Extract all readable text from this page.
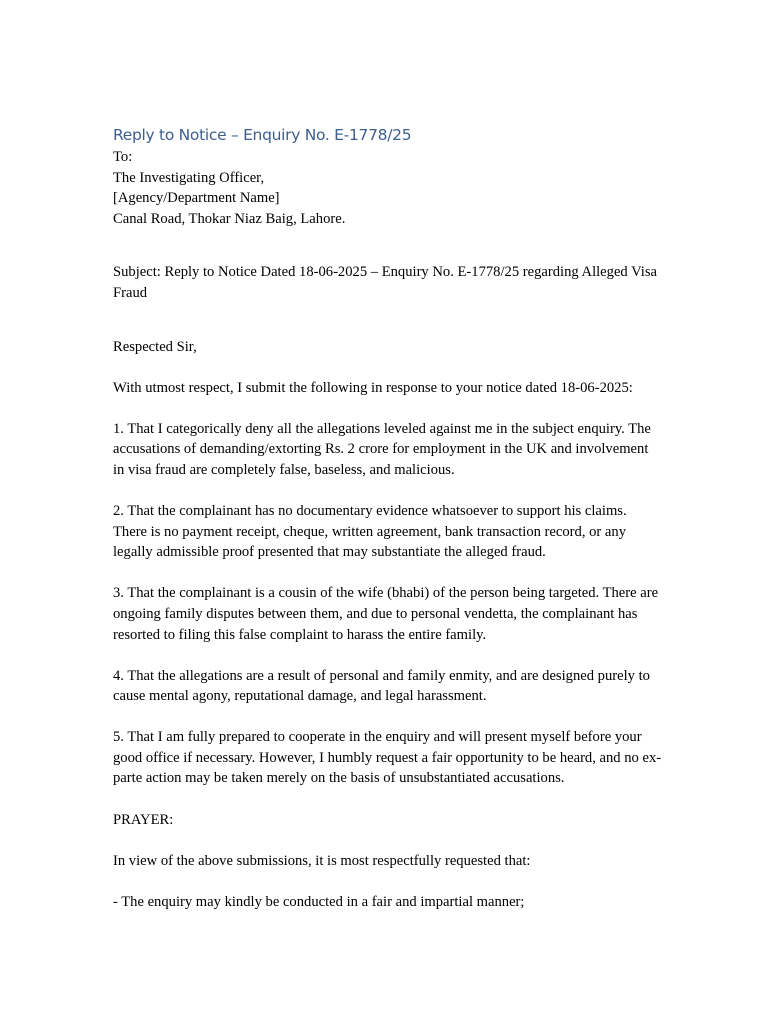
Reply to Notice – Enquiry No. E-1778/25

To:

The Investigating Officer,

[Agency/Department Name]

Canal Road, Thokar Niaz Baig, Lahore.

Subject: Reply to Notice Dated 18-06-2025 – Enquiry No. E-1778/25 regarding Alleged Visa Fraud

Respected Sir,

With utmost respect, I submit the following in response to your notice dated 18-06-2025:

1. That I categorically deny all the allegations leveled against me in the subject enquiry. The accusations of demanding/extorting Rs. 2 crore for employment in the UK and involvement in visa fraud are completely false, baseless, and malicious.

2. That the complainant has no documentary evidence whatsoever to support his claims. There is no payment receipt, cheque, written agreement, bank transaction record, or any legally admissible proof presented that may substantiate the alleged fraud.

3. That the complainant is a cousin of the wife (bhabi) of the person being targeted. There are ongoing family disputes between them, and due to personal vendetta, the complainant has resorted to filing this false complaint to harass the entire family.

4. That the allegations are a result of personal and family enmity, and are designed purely to cause mental agony, reputational damage, and legal harassment.

5. That I am fully prepared to cooperate in the enquiry and will present myself before your good office if necessary. However, I humbly request a fair opportunity to be heard, and no ex-parte action may be taken merely on the basis of unsubstantiated accusations.

PRAYER:

In view of the above submissions, it is most respectfully requested that:

- The enquiry may kindly be conducted in a fair and impartial manner;
